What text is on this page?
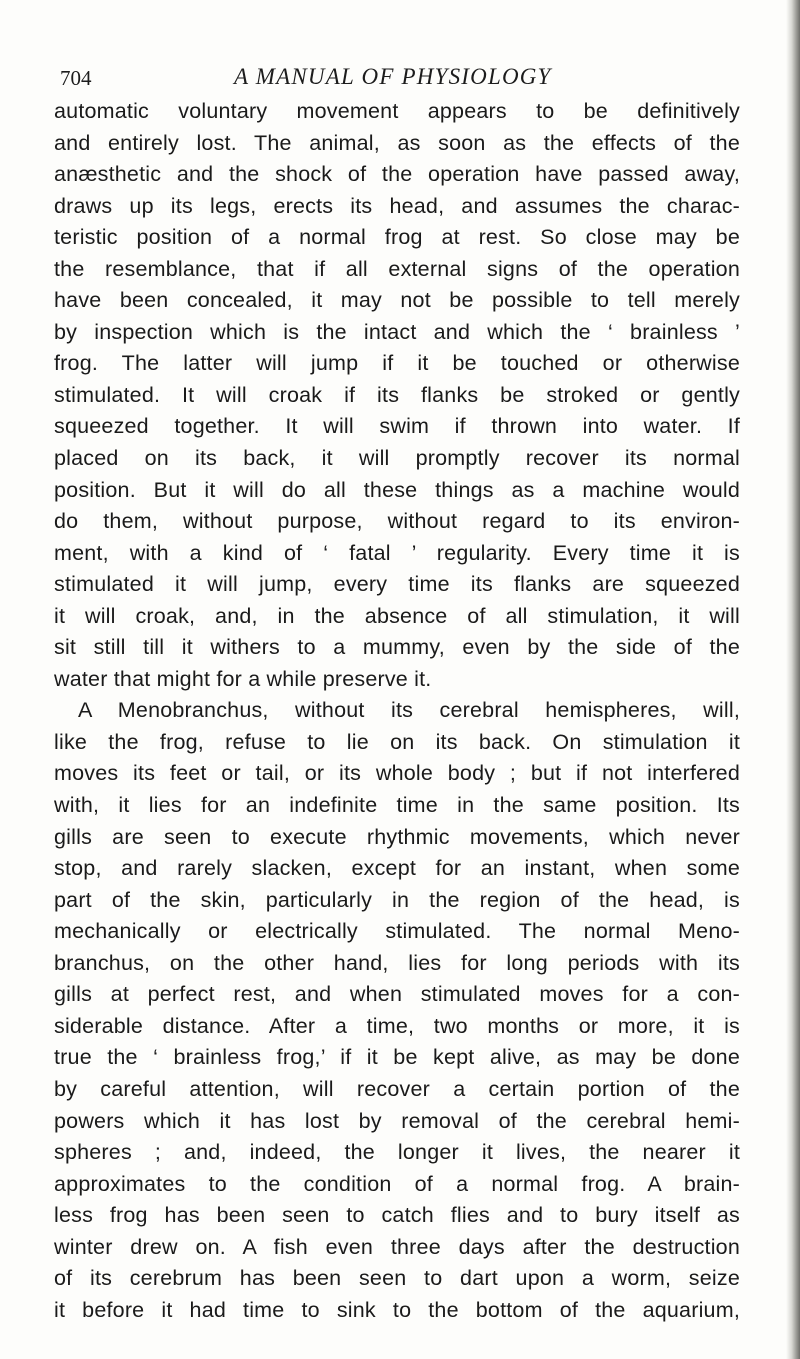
704	A MANUAL OF PHYSIOLOGY
automatic voluntary movement appears to be definitively
and entirely lost. The animal, as soon as the effects of the
anæsthetic and the shock of the operation have passed away,
draws up its legs, erects its head, and assumes the charac-
teristic position of a normal frog at rest. So close may be
the resemblance, that if all external signs of the operation
have been concealed, it may not be possible to tell merely
by inspection which is the intact and which the ‘ brainless ’
frog. The latter will jump if it be touched or otherwise
stimulated. It will croak if its flanks be stroked or gently
squeezed together. It will swim if thrown into water. If
placed on its back, it will promptly recover its normal
position. But it will do all these things as a machine would
do them, without purpose, without regard to its environ-
ment, with a kind of ‘ fatal ’ regularity. Every time it is
stimulated it will jump, every time its flanks are squeezed
it will croak, and, in the absence of all stimulation, it will
sit still till it withers to a mummy, even by the side of the
water that might for a while preserve it.
A Menobranchus, without its cerebral hemispheres, will,
like the frog, refuse to lie on its back. On stimulation it
moves its feet or tail, or its whole body ; but if not interfered
with, it lies for an indefinite time in the same position. Its
gills are seen to execute rhythmic movements, which never
stop, and rarely slacken, except for an instant, when some
part of the skin, particularly in the region of the head, is
mechanically or electrically stimulated. The normal Meno-
branchus, on the other hand, lies for long periods with its
gills at perfect rest, and when stimulated moves for a con-
siderable distance. After a time, two months or more, it is
true the ‘ brainless frog,’ if it be kept alive, as may be done
by careful attention, will recover a certain portion of the
powers which it has lost by removal of the cerebral hemi-
spheres ; and, indeed, the longer it lives, the nearer it
approximates to the condition of a normal frog. A brain-
less frog has been seen to catch flies and to bury itself as
winter drew on. A fish even three days after the destruction
of its cerebrum has been seen to dart upon a worm, seize
it before it had time to sink to the bottom of the aquarium,
